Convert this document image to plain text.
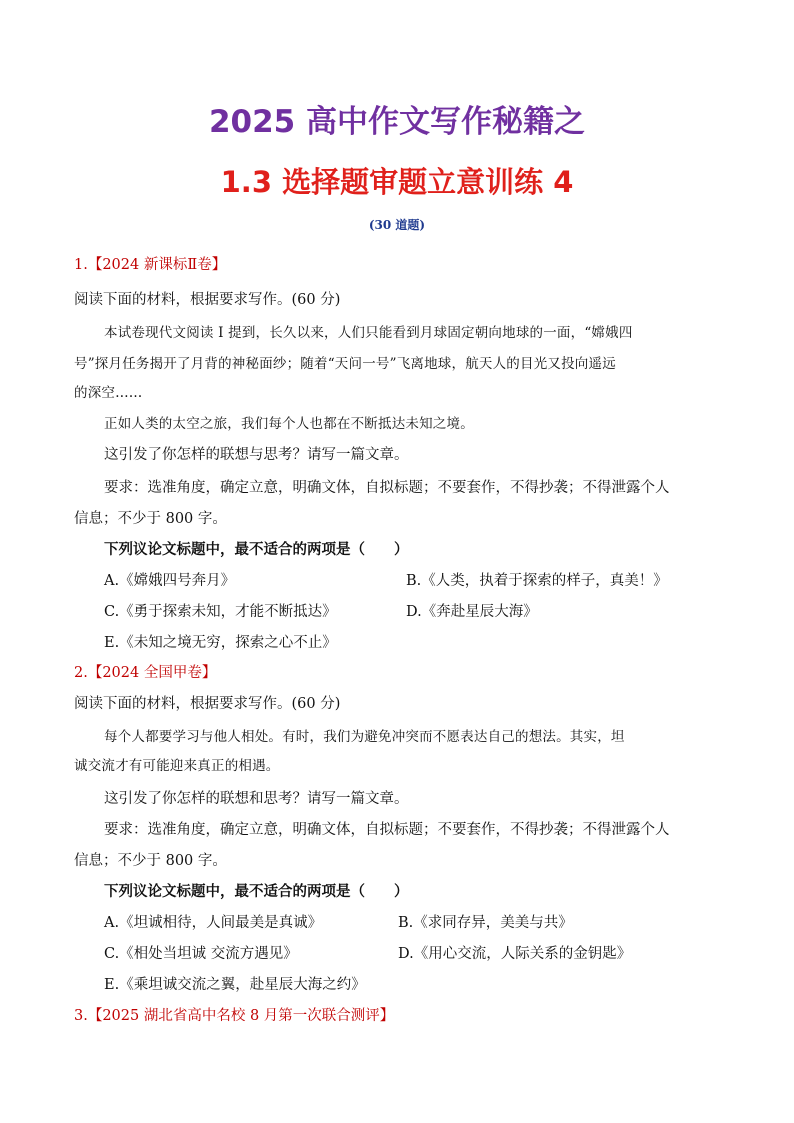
2025 高中作文写作秘籍之
1.3 选择题审题立意训练 4
(30 道题)
1.【2024 新课标Ⅱ卷】
阅读下面的材料，根据要求写作。(60 分)
本试卷现代文阅读 I 提到，长久以来，人们只能看到月球固定朝向地球的一面，“嫦娥四
号”探月任务揭开了月背的神秘面纱；随着“天问一号”飞离地球，航天人的目光又投向遥远
的深空……
正如人类的太空之旅，我们每个人也都在不断抵达未知之境。
这引发了你怎样的联想与思考？请写一篇文章。
要求：选准角度，确定立意，明确文体，自拟标题；不要套作，不得抄袭；不得泄露个人
信息；不少于 800 字。
下列议论文标题中，最不适合的两项是（　　）
A.《嫦娥四号奔月》	B.《人类，执着于探索的样子，真美！》
C.《勇于探索未知，才能不断抵达》	D.《奔赴星辰大海》
E.《未知之境无穷，探索之心不止》
2.【2024 全国甲卷】
阅读下面的材料，根据要求写作。(60 分)
每个人都要学习与他人相处。有时，我们为避免冲突而不愿表达自己的想法。其实，坦
诚交流才有可能迎来真正的相遇。
这引发了你怎样的联想和思考？请写一篇文章。
要求：选准角度，确定立意，明确文体，自拟标题；不要套作，不得抄袭；不得泄露个人
信息；不少于 800 字。
下列议论文标题中，最不适合的两项是（　　）
A.《坦诚相待，人间最美是真诚》	B.《求同存异，美美与共》
C.《相处当坦诚 交流方遇见》	D.《用心交流，人际关系的金钥匙》
E.《乘坦诚交流之翼，赴星辰大海之约》
3.【2025 湖北省高中名校 8 月第一次联合测评】
